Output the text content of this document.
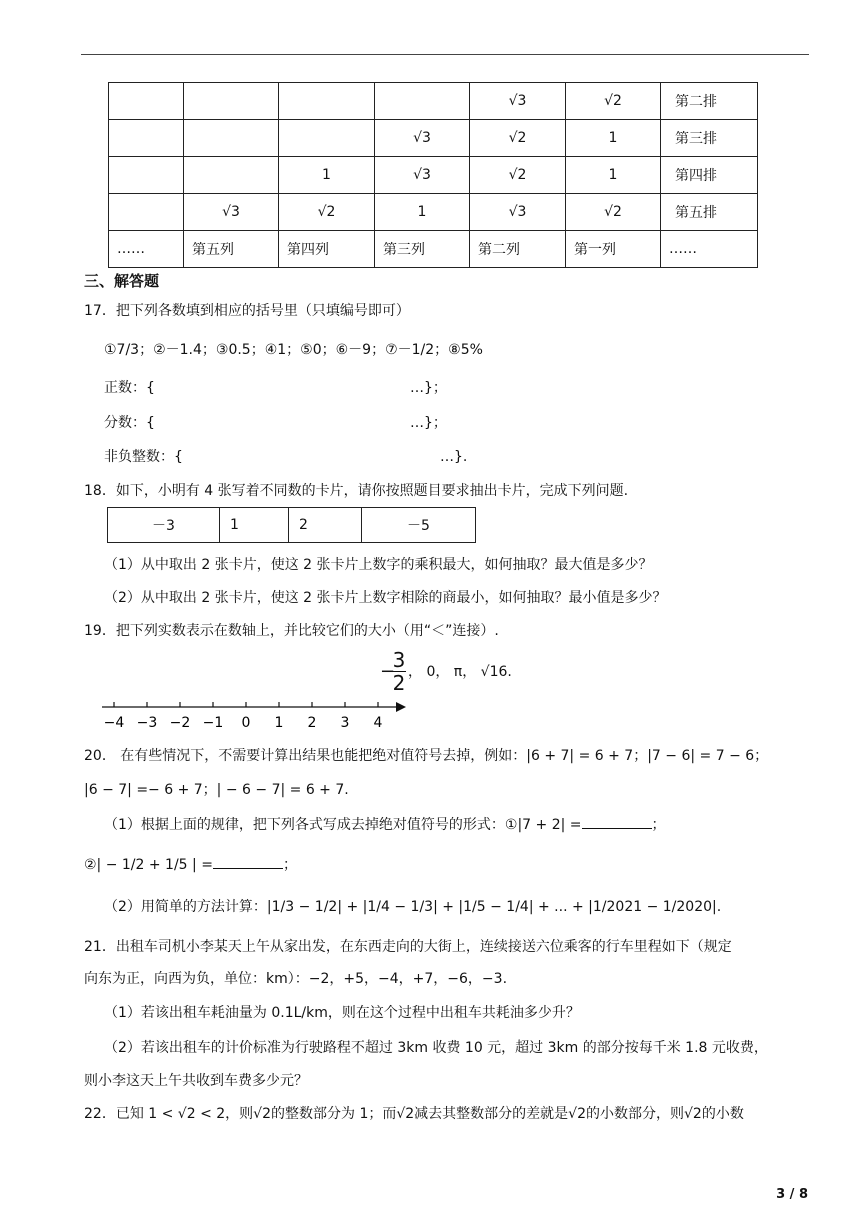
				√3	√2	第二排
			√3	√2	1	第三排
		1	√3	√2	1	第四排
	√3	√2	1	√3	√2	第五排
……	第五列	第四列	第三列	第二列	第一列	……
三、解答题
17．把下列各数填到相应的括号里（只填编号即可）
①7/3；②－1.4；③0.5；④1；⑤0；⑥－9；⑦－1/2；⑧5%
正数：{	…}；
分数：{	…}；
非负整数：{	…}.
18．如下，小明有 4 张写着不同数的卡片，请你按照题目要求抽出卡片，完成下列问题.
－3	1	2	－5
（1）从中取出 2 张卡片，使这 2 张卡片上数字的乘积最大，如何抽取？最大值是多少？
（2）从中取出 2 张卡片，使这 2 张卡片上数字相除的商最小，如何抽取？最小值是多少？
19．把下列实数表示在数轴上，并比较它们的大小（用“＜”连接）.
−
$\frac{3}{2}$ ， 0， π， √16.
−4 −3 −2 −1 0 1 2 3 4
20． 在有些情况下，不需要计算出结果也能把绝对值符号去掉，例如：|6 + 7| = 6 + 7；|7 − 6| = 7 − 6；
|6 − 7| =− 6 + 7；| − 6 − 7| = 6 + 7.
（1）根据上面的规律，把下列各式写成去掉绝对值符号的形式：①|7 + 2| =	；
②| − 1/2 + 1/5 | =	；
（2）用简单的方法计算：|1/3 − 1/2| + |1/4 − 1/3| + |1/5 − 1/4| + ... + |1/2021 − 1/2020|.
21．出租车司机小李某天上午从家出发，在东西走向的大街上，连续接送六位乘客的行车里程如下（规定
向东为正，向西为负，单位：km）：−2，+5，−4，+7，−6，−3.
（1）若该出租车耗油量为 0.1L/km，则在这个过程中出租车共耗油多少升？
（2）若该出租车的计价标准为行驶路程不超过 3km 收费 10 元，超过 3km 的部分按每千米 1.8 元收费，
则小李这天上午共收到车费多少元？
22．已知 1 < √2 < 2，则√2的整数部分为 1；而√2减去其整数部分的差就是√2的小数部分，则√2的小数
3 / 8
